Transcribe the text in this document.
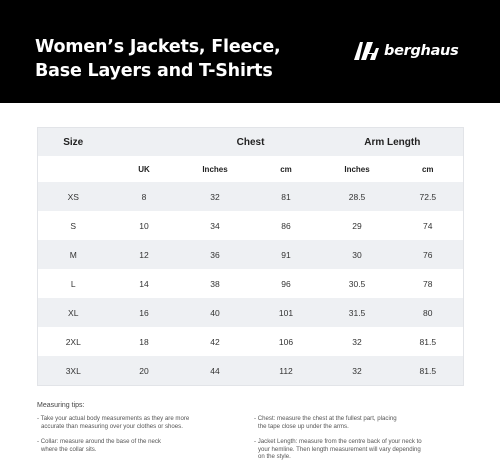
Women’s Jackets, Fleece,
Base Layers and T-Shirts
berghaus
Size		Chest		Arm Length	
	UK	Inches	cm	Inches	cm
XS	8	32	81	28.5	72.5
S	10	34	86	29	74
M	12	36	91	30	76
L	14	38	96	30.5	78
XL	16	40	101	31.5	80
2XL	18	42	106	32	81.5
3XL	20	44	112	32	81.5
Measuring tips:
- Take your actual body measurements as they are more
accurate than measuring over your clothes or shoes.
- Collar: measure around the base of the neck
where the collar sits.
- Chest: measure the chest at the fullest part, placing
the tape close up under the arms.
- Jacket Length: measure from the centre back of your neck to
your hemline. Then length measurement will vary depending
on the style.
